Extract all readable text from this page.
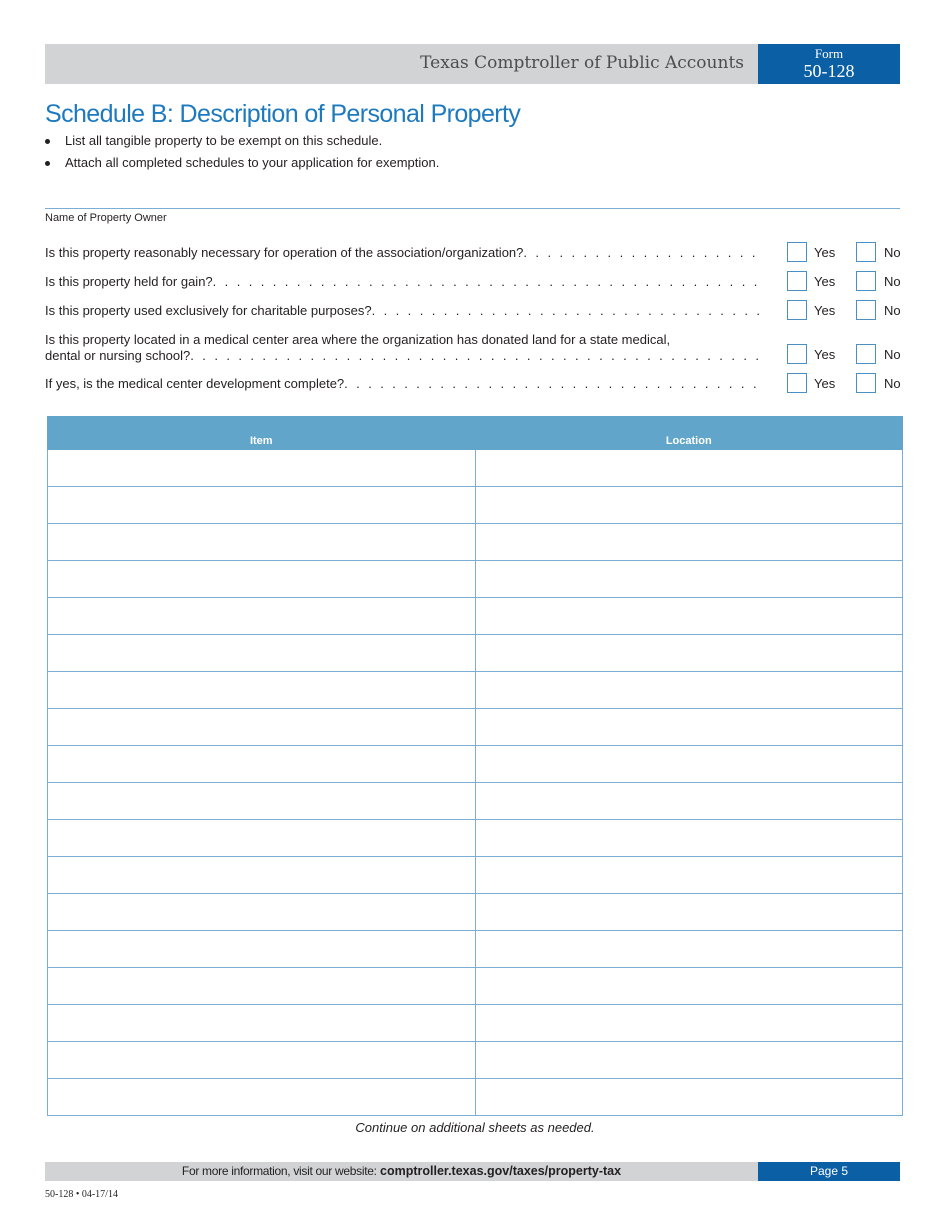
Texas Comptroller of Public Accounts	Form
50-128
Schedule B: Description of Personal Property
List all tangible property to be exempt on this schedule.
Attach all completed schedules to your application for exemption.
Name of Property Owner
Is this property reasonably necessary for operation of the association/organization? . . .	Yes	No
Is this property held for gain? . . .	Yes	No
Is this property used exclusively for charitable purposes? . . .	Yes	No
Is this property located in a medical center area where the organization has donated land for a state medical,
dental or nursing school? . . .	Yes	No
If yes, is the medical center development complete? . . .	Yes	No
Item	Location

Continue on additional sheets as needed.
For more information, visit our website: comptroller.texas.gov/taxes/property-tax	Page 5
50-128 • 04-17/14
